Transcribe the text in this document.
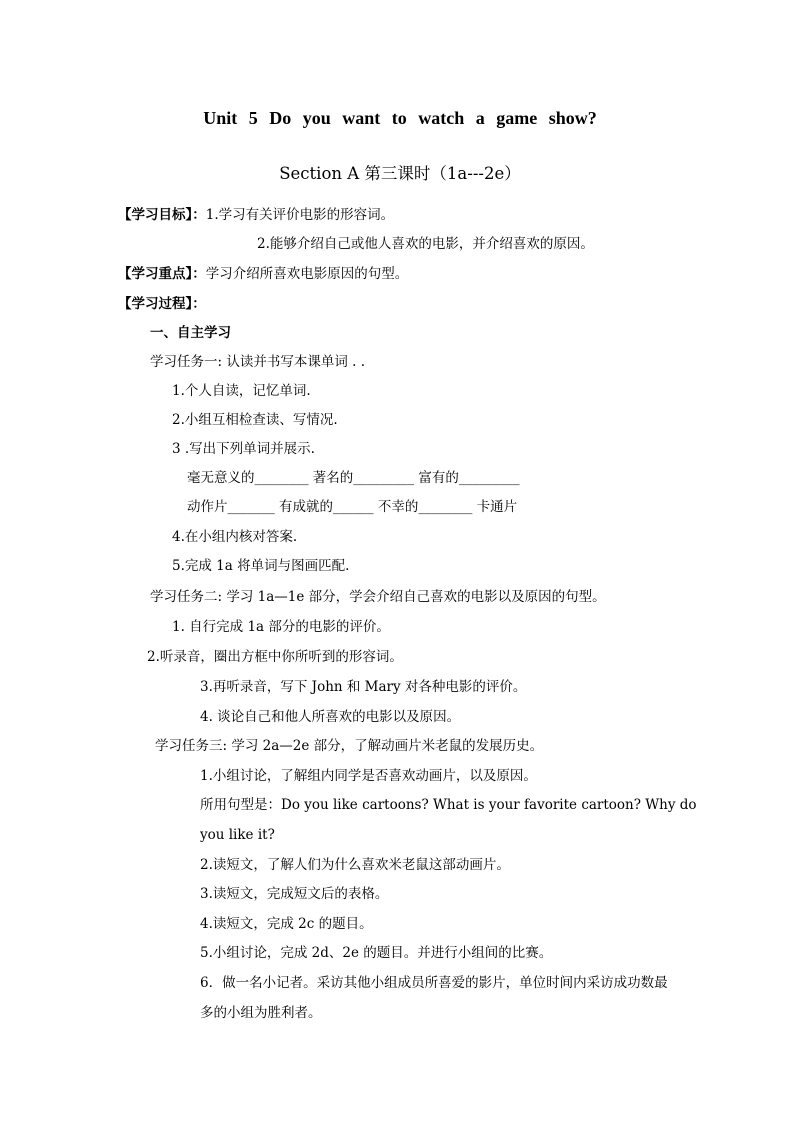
Unit 5 Do you want to watch a game show?
Section A 第三课时（1a---2e）
【学习目标】：1.学习有关评价电影的形容词。
2.能够介绍自己或他人喜欢的电影，并介绍喜欢的原因。
【学习重点】：学习介绍所喜欢电影原因的句型。
【学习过程】：
一、自主学习
学习任务一: 认读并书写本课单词 . .
1.个人自读，记忆单词.
2.小组互相检查读、写情况.
3 .写出下列单词并展示.
毫无意义的________ 著名的_________ 富有的_________
动作片_______ 有成就的______ 不幸的________ 卡通片
4.在小组内核对答案.
5.完成 1a 将单词与图画匹配.
学习任务二: 学习 1a—1e 部分，学会介绍自己喜欢的电影以及原因的句型。
1. 自行完成 1a 部分的电影的评价。
2.听录音，圈出方框中你所听到的形容词。
3.再听录音，写下 John 和 Mary 对各种电影的评价。
4. 谈论自己和他人所喜欢的电影以及原因。
学习任务三: 学习 2a—2e 部分，了解动画片米老鼠的发展历史。
1.小组讨论，了解组内同学是否喜欢动画片，以及原因。
所用句型是：Do you like cartoons? What is your favorite cartoon? Why do
you like it?
2.读短文，了解人们为什么喜欢米老鼠这部动画片。
3.读短文，完成短文后的表格。
4.读短文，完成 2c 的题目。
5.小组讨论，完成 2d、2e 的题目。并进行小组间的比赛。
6．做一名小记者。采访其他小组成员所喜爱的影片，单位时间内采访成功数最
多的小组为胜利者。
